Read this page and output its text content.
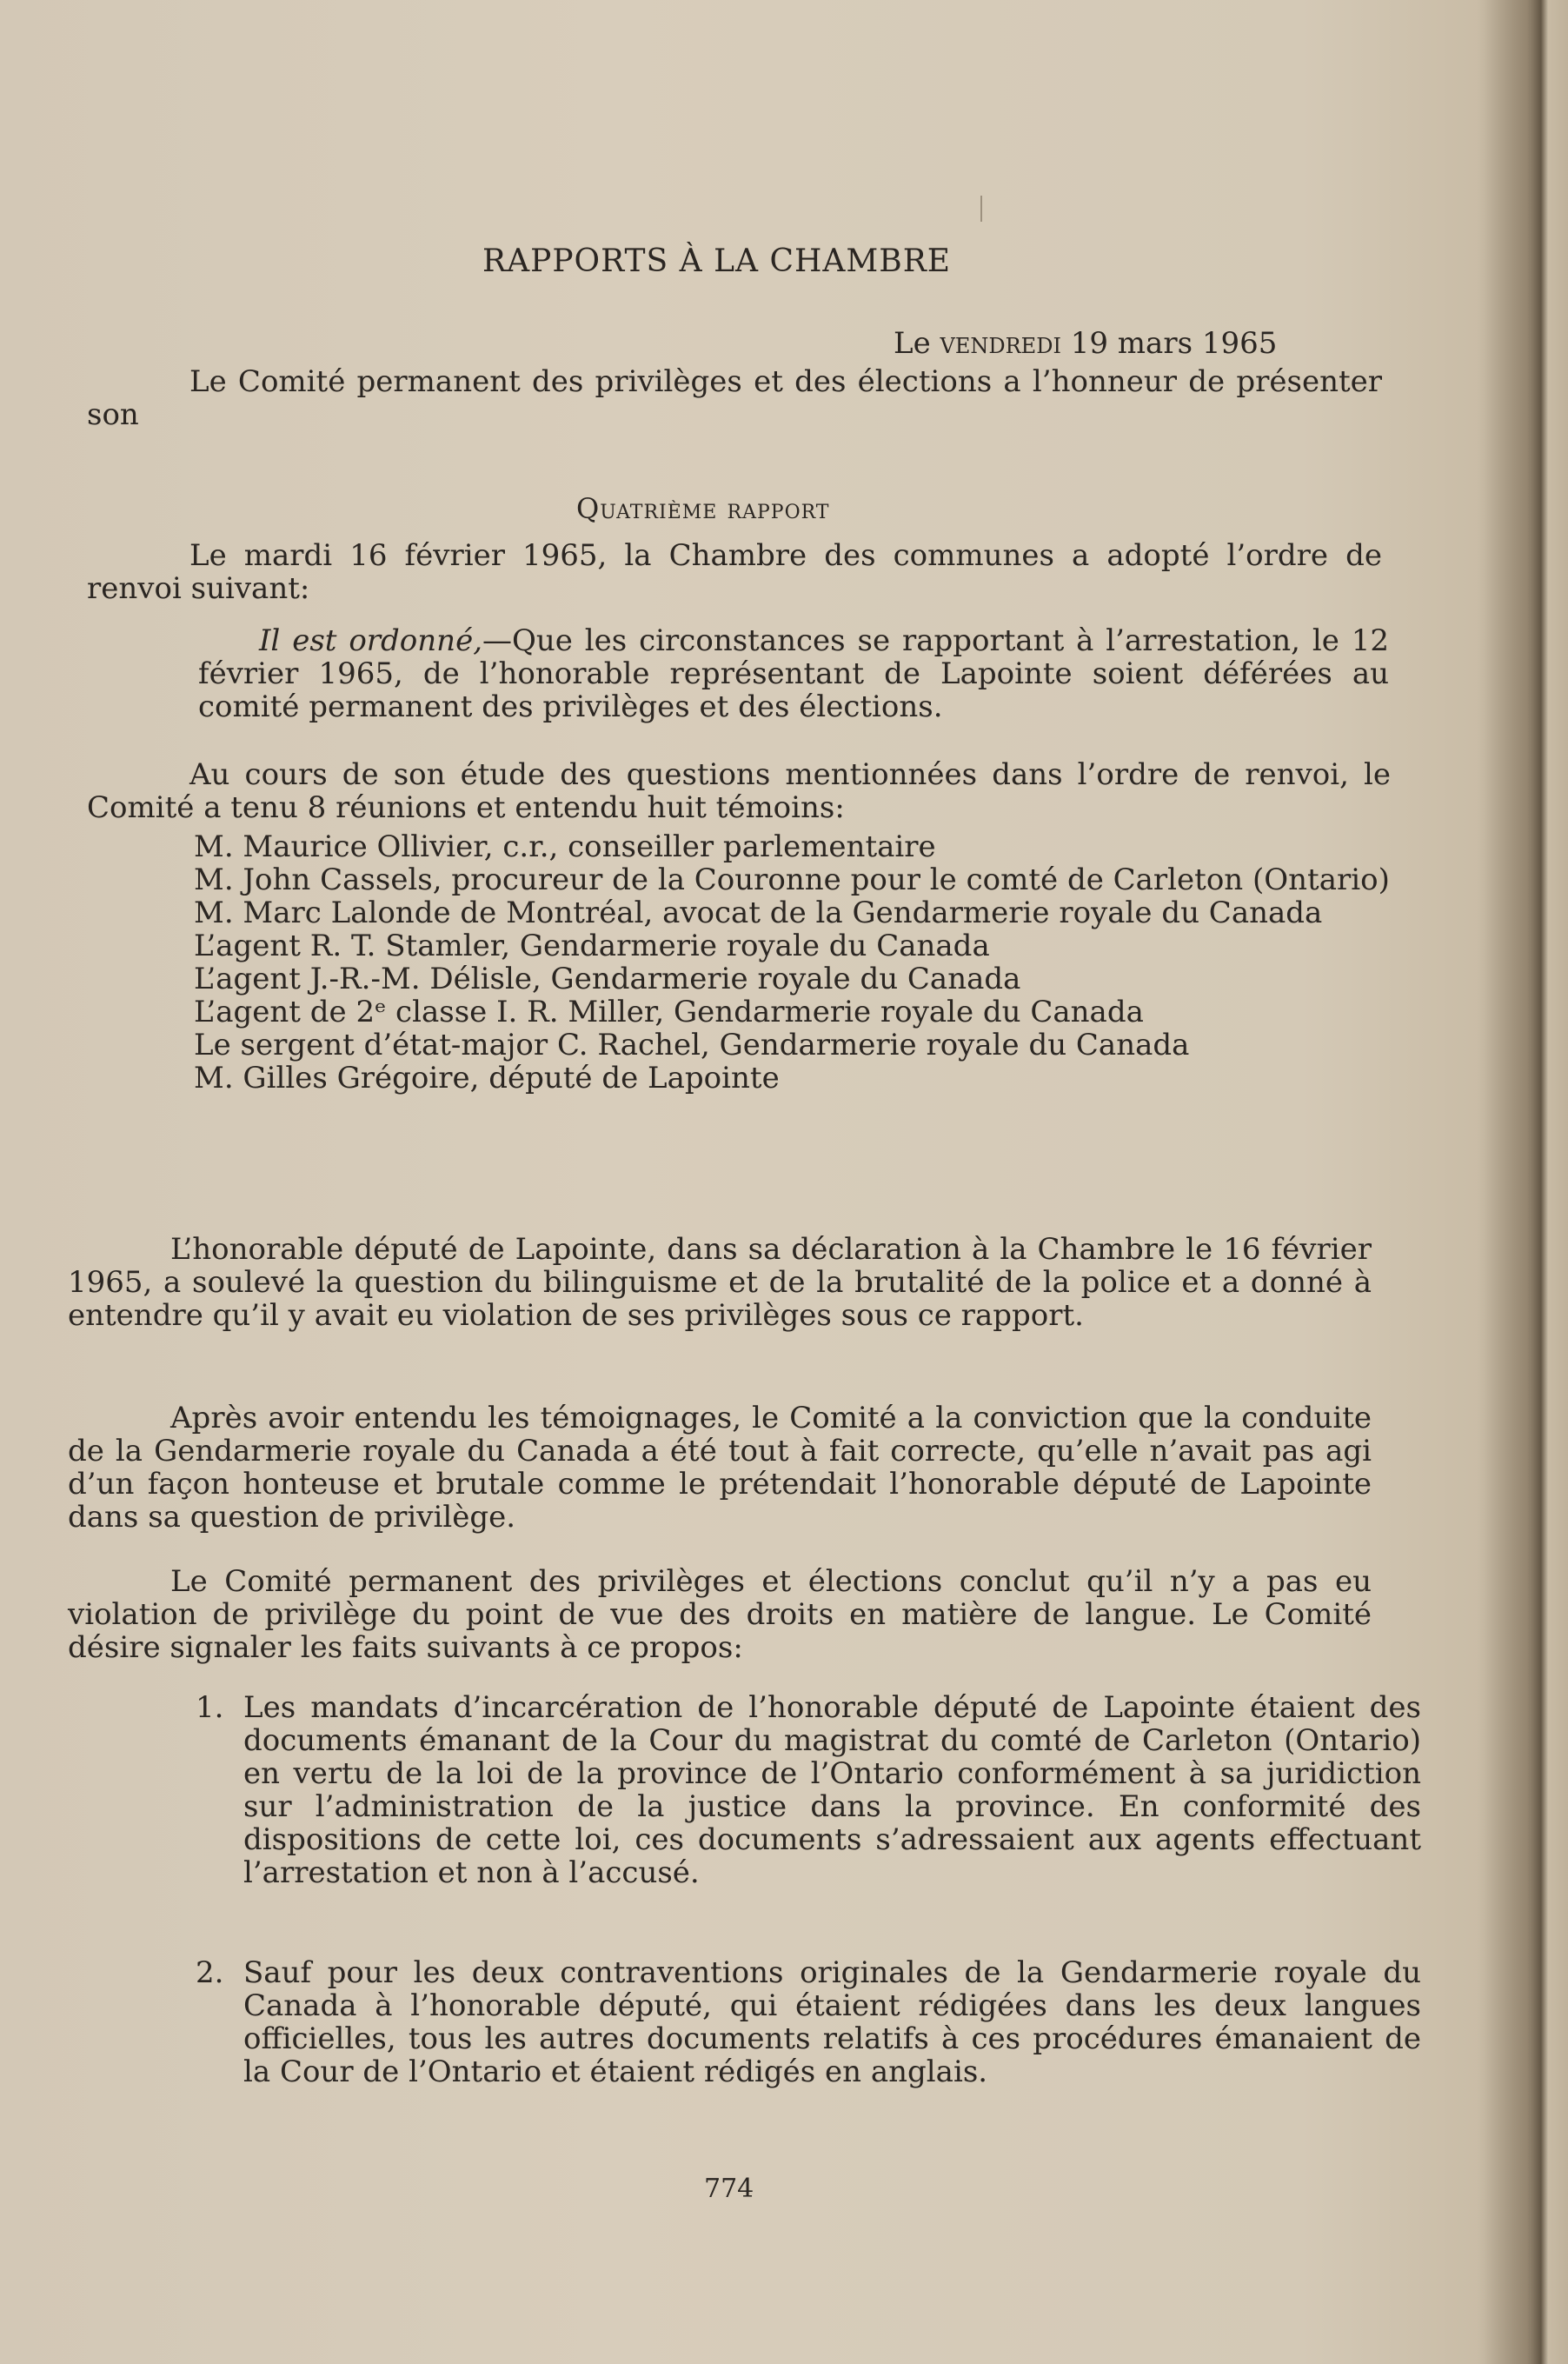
RAPPORTS À LA CHAMBRE
Le vendredi 19 mars 1965

Le Comité permanent des privilèges et des élections a l’honneur de présenter son

Quatrième rapport

Le mardi 16 février 1965, la Chambre des communes a adopté l’ordre de renvoi suivant:

Il est ordonné,—Que les circonstances se rapportant à l’arrestation, le 12 février 1965, de l’honorable représentant de Lapointe soient déférées au comité permanent des privilèges et des élections.

Au cours de son étude des questions mentionnées dans l’ordre de renvoi, le Comité a tenu 8 réunions et entendu huit témoins:

M. Maurice Ollivier, c.r., conseiller parlementaire
M. John Cassels, procureur de la Couronne pour le comté de Carleton (Ontario)
M. Marc Lalonde de Montréal, avocat de la Gendarmerie royale du Canada
L’agent R. T. Stamler, Gendarmerie royale du Canada
L’agent J.-R.-M. Délisle, Gendarmerie royale du Canada
L’agent de 2ᵉ classe I. R. Miller, Gendarmerie royale du Canada
Le sergent d’état-major C. Rachel, Gendarmerie royale du Canada
M. Gilles Grégoire, député de Lapointe

L’honorable député de Lapointe, dans sa déclaration à la Chambre le 16 février 1965, a soulevé la question du bilinguisme et de la brutalité de la police et a donné à entendre qu’il y avait eu violation de ses privilèges sous ce rapport.

Après avoir entendu les témoignages, le Comité a la conviction que la conduite de la Gendarmerie royale du Canada a été tout à fait correcte, qu’elle n’avait pas agi d’un façon honteuse et brutale comme le prétendait l’honorable député de Lapointe dans sa question de privilège.

Le Comité permanent des privilèges et élections conclut qu’il n’y a pas eu violation de privilège du point de vue des droits en matière de langue. Le Comité désire signaler les faits suivants à ce propos:

1. Les mandats d’incarcération de l’honorable député de Lapointe étaient des documents émanant de la Cour du magistrat du comté de Carleton (Ontario) en vertu de la loi de la province de l’Ontario conformément à sa juridiction sur l’administration de la justice dans la province. En conformité des dispositions de cette loi, ces documents s’adressaient aux agents effectuant l’arrestation et non à l’accusé.

2. Sauf pour les deux contraventions originales de la Gendarmerie royale du Canada à l’honorable député, qui étaient rédigées dans les deux langues officielles, tous les autres documents relatifs à ces procédures émanaient de la Cour de l’Ontario et étaient rédigés en anglais.

774
